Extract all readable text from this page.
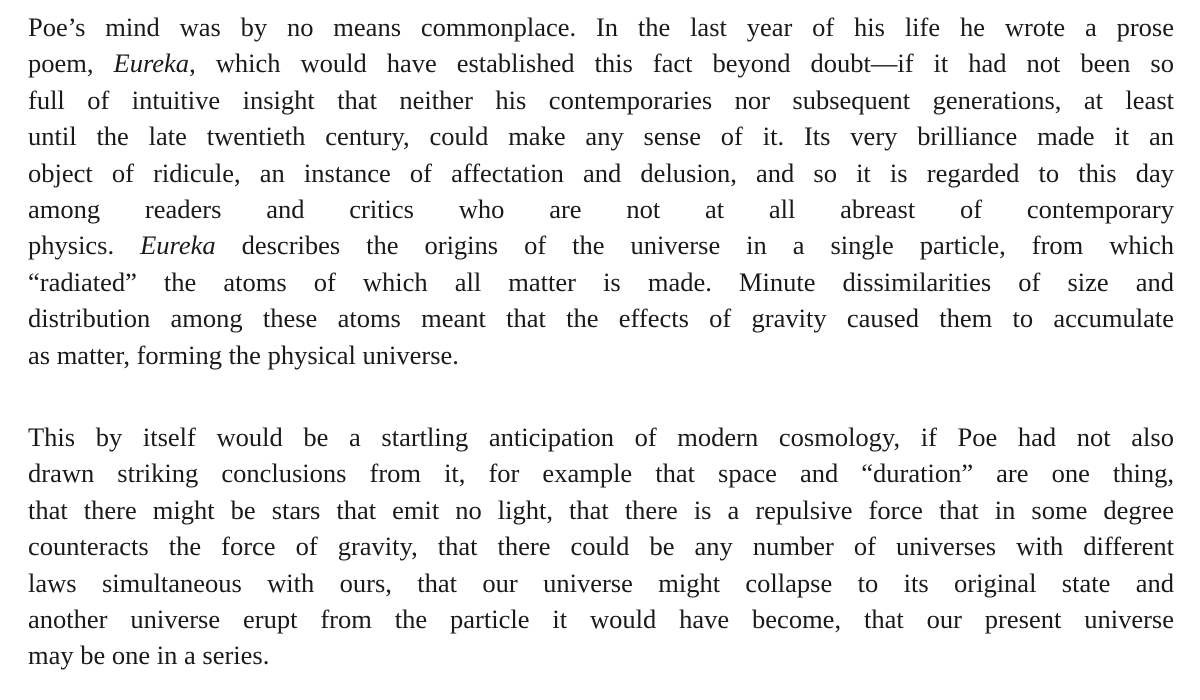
Poe’s mind was by no means commonplace. In the last year of his life he wrote a prose
poem, Eureka, which would have established this fact beyond doubt—if it had not been so
full of intuitive insight that neither his contemporaries nor subsequent generations, at least
until the late twentieth century, could make any sense of it. Its very brilliance made it an
object of ridicule, an instance of affectation and delusion, and so it is regarded to this day
among readers and critics who are not at all abreast of contemporary
physics. Eureka describes the origins of the universe in a single particle, from which
“radiated” the atoms of which all matter is made. Minute dissimilarities of size and
distribution among these atoms meant that the effects of gravity caused them to accumulate
as matter, forming the physical universe.
This by itself would be a startling anticipation of modern cosmology, if Poe had not also
drawn striking conclusions from it, for example that space and “duration” are one thing,
that there might be stars that emit no light, that there is a repulsive force that in some degree
counteracts the force of gravity, that there could be any number of universes with different
laws simultaneous with ours, that our universe might collapse to its original state and
another universe erupt from the particle it would have become, that our present universe
may be one in a series.
